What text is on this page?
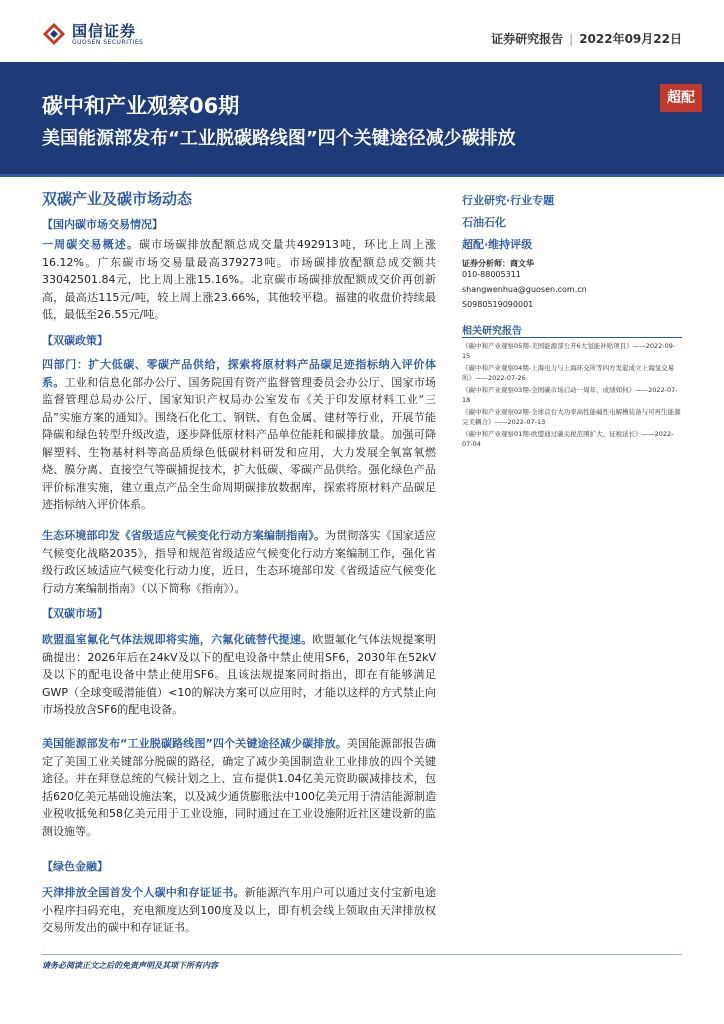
国信证券
GUOSEN SECURITIES	证券研究报告 | 2022年09月22日
碳中和产业观察06期
美国能源部发布“工业脱碳路线图”四个关键途径减少碳排放
超配
双碳产业及碳市场动态
【国内碳市场交易情况】
一周碳交易概述。碳市场碳排放配额总成交量共492913吨，环比上周上涨16.12%。广东碳市场交易量最高379273吨。市场碳排放配额总成交额共33042501.84元，比上周上涨15.16%。北京碳市场碳排放配额成交价再创新高，最高达115元/吨，较上周上涨23.66%，其他较平稳。福建的收盘价持续最低，最低至26.55元/吨。
【双碳政策】
四部门：扩大低碳、零碳产品供给，探索将原材料产品碳足迹指标纳入评价体系。工业和信息化部办公厅、国务院国有资产监督管理委员会办公厅、国家市场监督管理总局办公厅、国家知识产权局办公室发布《关于印发原材料工业“三品”实施方案的通知》。围绕石化化工、钢铁、有色金属、建材等行业，开展节能降碳和绿色转型升级改造，逐步降低原材料产品单位能耗和碳排放量。加强可降解塑料、生物基材料等高品质绿色低碳材料研发和应用，大力发展全氧富氧燃烧、膜分离、直接空气等碳捕捉技术，扩大低碳、零碳产品供给。强化绿色产品评价标准实施，建立重点产品全生命周期碳排放数据库，探索将原材料产品碳足迹指标纳入评价体系。
生态环境部印发《省级适应气候变化行动方案编制指南》。为贯彻落实《国家适应气候变化战略2035》，指导和规范省级适应气候变化行动方案编制工作，强化省级行政区域适应气候变化行动力度，近日，生态环境部印发《省级适应气候变化行动方案编制指南》（以下简称《指南》）。
【双碳市场】
欧盟温室氟化气体法规即将实施，六氟化硫替代提速。欧盟氟化气体法规提案明确提出：2026年后在24kV及以下的配电设备中禁止使用SF6，2030年在52kV及以下的配电设备中禁止使用SF6。且该法规提案同时指出，即在有能够满足GWP（全球变暖潜能值）<10的解决方案可以应用时，才能以这样的方式禁止向市场投放含SF6的配电设备。
美国能源部发布“工业脱碳路线图”四个关键途径减少碳排放。美国能源部报告确定了美国工业关键部分脱碳的路径，确定了减少美国制造业工业排放的四个关键途径。并在拜登总统的气候计划之上、宣布提供1.04亿美元资助碳减排技术，包括620亿美元基础设施法案，以及减少通货膨胀法中100亿美元用于清洁能源制造业税收抵免和58亿美元用于工业设施，同时通过在工业设施附近社区建设新的监测设施等。
【绿色金融】
天津排放全国首发个人碳中和存证证书。新能源汽车用户可以通过支付宝新电途小程序扫码充电，充电额度达到100度及以上，即有机会线上领取由天津排放权交易所发出的碳中和存证证书。
行业研究·行业专题
石油石化
超配·维持评级
证券分析师：商文华
010-88005311
shangwenhua@guosen.com.cn
S0980519090001
相关研究报告
《碳中和产业观察05期-美国能源部公开6大氢能补贴项目》——2022-09-15
《碳中和产业观察04期-上海电力与上海环交所等四方发起成立上海氢交易所》——2022-07-26
《碳中和产业观察03期-全国碳市场启动一周年，成绩如何》——2022-07-18
《碳中和产业观察02期-全球首台大功率高性能碱性电解槽装备与可再生能源完美耦合》——2022-07-13
《碳中和产业观察01期-欧盟通过碳关税范围扩大、征税延长》——2022-07-04
请务必阅读正文之后的免责声明及其项下所有内容
